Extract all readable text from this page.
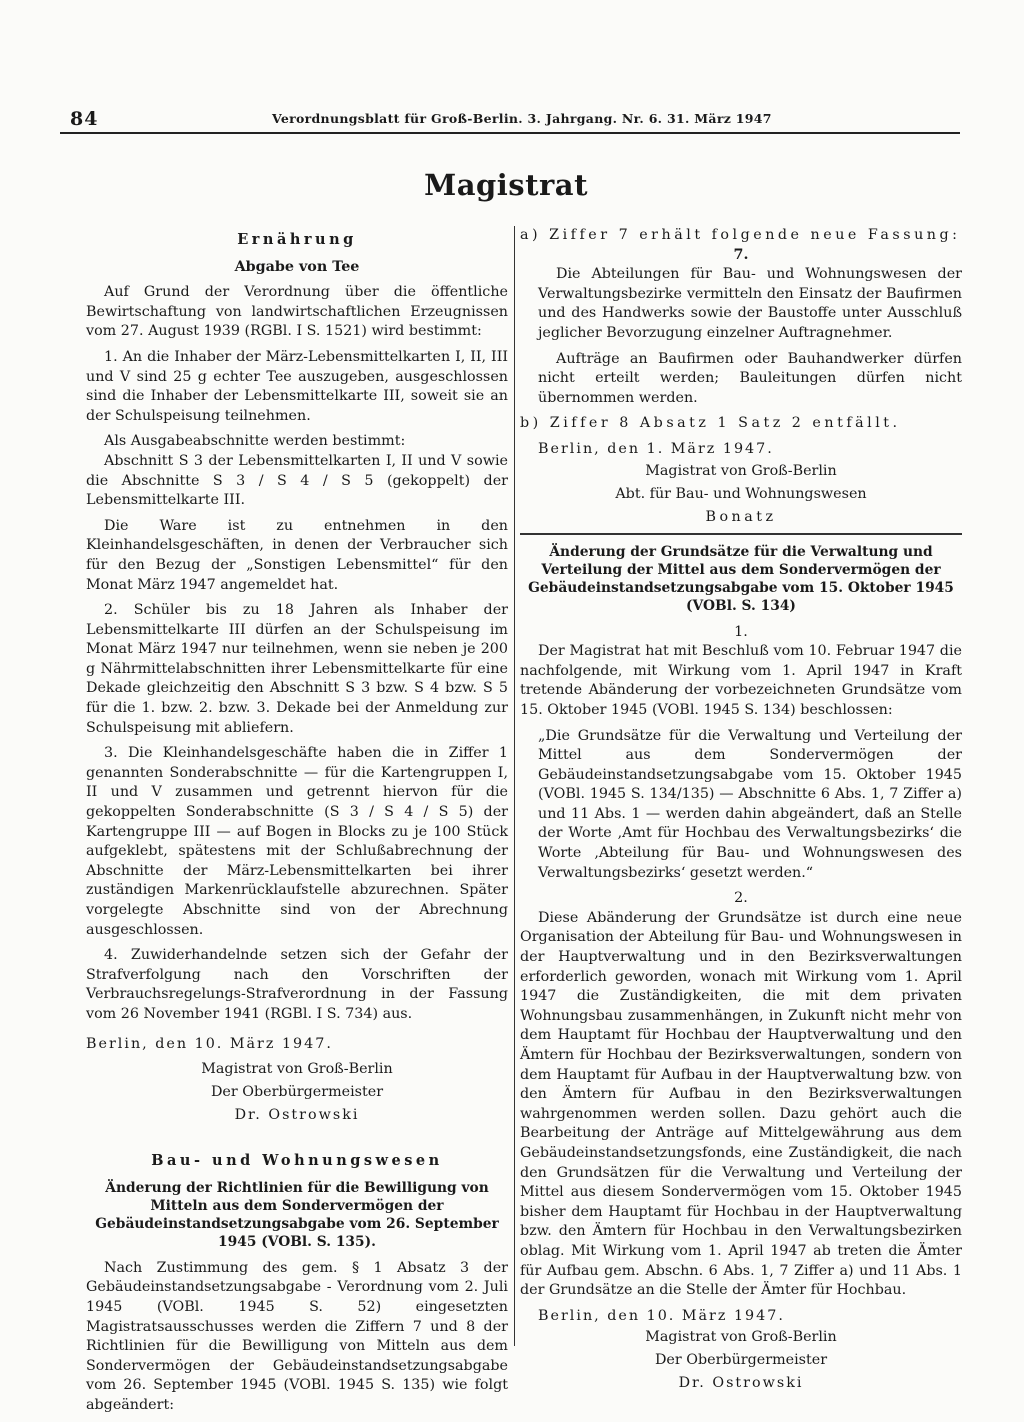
84	Verordnungsblatt für Groß-Berlin. 3. Jahrgang. Nr. 6. 31. März 1947
Magistrat

Ernährung

Abgabe von Tee

Auf Grund der Verordnung über die öffentliche Bewirtschaftung von landwirtschaftlichen Erzeugnissen vom 27. August 1939 (RGBl. I S. 1521) wird bestimmt:

1. An die Inhaber der März-Lebensmittelkarten I, II, III und V sind 25 g echter Tee auszugeben, ausgeschlossen sind die Inhaber der Lebensmittelkarte III, soweit sie an der Schulspeisung teilnehmen.

Als Ausgabeabschnitte werden bestimmt:

Abschnitt S 3 der Lebensmittelkarten I, II und V sowie die Abschnitte S 3 / S 4 / S 5 (gekoppelt) der Lebensmittelkarte III.

Die Ware ist zu entnehmen in den Kleinhandelsgeschäften, in denen der Verbraucher sich für den Bezug der „Sonstigen Lebensmittel“ für den Monat März 1947 angemeldet hat.

2. Schüler bis zu 18 Jahren als Inhaber der Lebensmittelkarte III dürfen an der Schulspeisung im Monat März 1947 nur teilnehmen, wenn sie neben je 200 g Nährmittelabschnitten ihrer Lebensmittelkarte für eine Dekade gleichzeitig den Abschnitt S 3 bzw. S 4 bzw. S 5 für die 1. bzw. 2. bzw. 3. Dekade bei der Anmeldung zur Schulspeisung mit abliefern.

3. Die Kleinhandelsgeschäfte haben die in Ziffer 1 genannten Sonderabschnitte — für die Kartengruppen I, II und V zusammen und getrennt hiervon für die gekoppelten Sonderabschnitte (S 3 / S 4 / S 5) der Kartengruppe III — auf Bogen in Blocks zu je 100 Stück aufgeklebt, spätestens mit der Schlußabrechnung der Abschnitte der März-Lebensmittelkarten bei ihrer zuständigen Markenrücklaufstelle abzurechnen. Später vorgelegte Abschnitte sind von der Abrechnung ausgeschlossen.

4. Zuwiderhandelnde setzen sich der Gefahr der Strafverfolgung nach den Vorschriften der Verbrauchsregelungs-Strafverordnung in der Fassung vom 26 November 1941 (RGBl. I S. 734) aus.

Berlin, den 10. März 1947.

Magistrat von Groß-Berlin

Der Oberbürgermeister

Dr. Ostrowski

Bau- und Wohnungswesen

Änderung der Richtlinien für die Bewilligung von Mitteln aus dem Sondervermögen der Gebäudeinstandsetzungsabgabe vom 26. September 1945 (VOBl. S. 135).

Nach Zustimmung des gem. § 1 Absatz 3 der Gebäudeinstandsetzungsabgabe - Verordnung vom 2. Juli 1945 (VOBl. 1945 S. 52) eingesetzten Magistratsausschusses werden die Ziffern 7 und 8 der Richtlinien für die Bewilligung von Mitteln aus dem Sondervermögen der Gebäudeinstandsetzungsabgabe vom 26. September 1945 (VOBl. 1945 S. 135) wie folgt abgeändert:

a) Ziffer 7 erhält folgende neue Fassung:

7.

Die Abteilungen für Bau- und Wohnungswesen der Verwaltungsbezirke vermitteln den Einsatz der Baufirmen und des Handwerks sowie der Baustoffe unter Ausschluß jeglicher Bevorzugung einzelner Auftragnehmer.

Aufträge an Baufirmen oder Bauhandwerker dürfen nicht erteilt werden; Bauleitungen dürfen nicht übernommen werden.

b) Ziffer 8 Absatz 1 Satz 2 entfällt.

Berlin, den 1. März 1947.

Magistrat von Groß-Berlin

Abt. für Bau- und Wohnungswesen

Bonatz

Änderung der Grundsätze für die Verwaltung und Verteilung der Mittel aus dem Sondervermögen der Gebäudeinstandsetzungsabgabe vom 15. Oktober 1945 (VOBl. S. 134)

1.

Der Magistrat hat mit Beschluß vom 10. Februar 1947 die nachfolgende, mit Wirkung vom 1. April 1947 in Kraft tretende Abänderung der vorbezeichneten Grundsätze vom 15. Oktober 1945 (VOBl. 1945 S. 134) beschlossen:

„Die Grundsätze für die Verwaltung und Verteilung der Mittel aus dem Sondervermögen der Gebäudeinstandsetzungsabgabe vom 15. Oktober 1945 (VOBl. 1945 S. 134/135) — Abschnitte 6 Abs. 1, 7 Ziffer a) und 11 Abs. 1 — werden dahin abgeändert, daß an Stelle der Worte ‚Amt für Hochbau des Verwaltungsbezirks‘ die Worte ‚Abteilung für Bau- und Wohnungswesen des Verwaltungsbezirks‘ gesetzt werden.“

2.

Diese Abänderung der Grundsätze ist durch eine neue Organisation der Abteilung für Bau- und Wohnungswesen in der Hauptverwaltung und in den Bezirksverwaltungen erforderlich geworden, wonach mit Wirkung vom 1. April 1947 die Zuständigkeiten, die mit dem privaten Wohnungsbau zusammenhängen, in Zukunft nicht mehr von dem Hauptamt für Hochbau der Hauptverwaltung und den Ämtern für Hochbau der Bezirksverwaltungen, sondern von dem Hauptamt für Aufbau in der Hauptverwaltung bzw. von den Ämtern für Aufbau in den Bezirksverwaltungen wahrgenommen werden sollen. Dazu gehört auch die Bearbeitung der Anträge auf Mittelgewährung aus dem Gebäudeinstandsetzungsfonds, eine Zuständigkeit, die nach den Grundsätzen für die Verwaltung und Verteilung der Mittel aus diesem Sondervermögen vom 15. Oktober 1945 bisher dem Hauptamt für Hochbau in der Hauptverwaltung bzw. den Ämtern für Hochbau in den Verwaltungsbezirken oblag. Mit Wirkung vom 1. April 1947 ab treten die Ämter für Aufbau gem. Abschn. 6 Abs. 1, 7 Ziffer a) und 11 Abs. 1 der Grundsätze an die Stelle der Ämter für Hochbau.

Berlin, den 10. März 1947.

Magistrat von Groß-Berlin

Der Oberbürgermeister

Dr. Ostrowski
